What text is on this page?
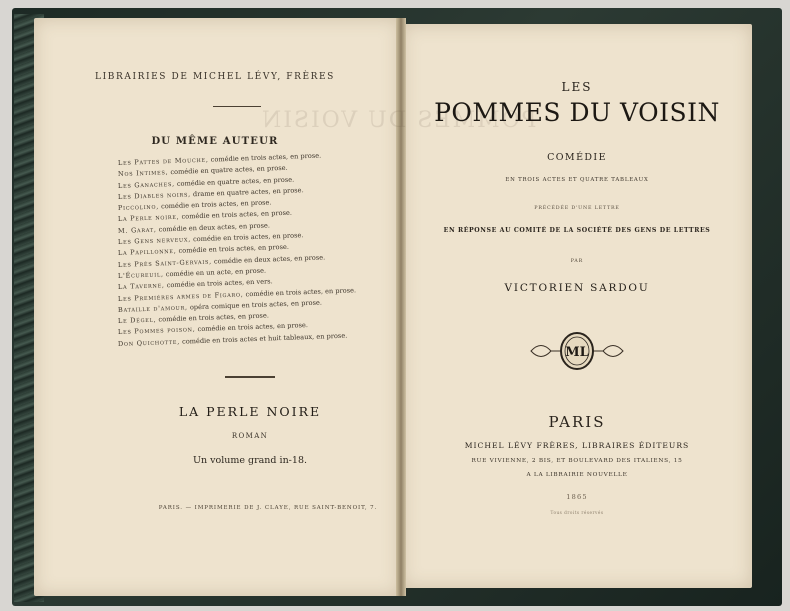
POMMES DU VOISIN
LIBRAIRIES DE MICHEL LÉVY, FRÈRES
DU MÊME AUTEUR
Les Pattes de Mouche, comédie en trois actes, en prose.
Nos Intimes, comédie en quatre actes, en prose.
Les Ganaches, comédie en quatre actes, en prose.
Les Diables noirs, drame en quatre actes, en prose.
Piccolino, comédie en trois actes, en prose.
La Perle noire, comédie en trois actes, en prose.
M. Garat, comédie en deux actes, en prose.
Les Gens nerveux, comédie en trois actes, en prose.
La Papillonne, comédie en trois actes, en prose.
Les Prés Saint-Gervais, comédie en deux actes, en prose.
L'Écureuil, comédie en un acte, en prose.
La Taverne, comédie en trois actes, en vers.
Les Premières armes de Figaro, comédie en trois actes, en prose.
Bataille d'amour, opéra comique en trois actes, en prose.
Le Dégel, comédie en trois actes, en prose.
Les Pommes poison, comédie en trois actes, en prose.
Don Quichotte, comédie en trois actes et huit tableaux, en prose.
LA PERLE NOIRE
ROMAN
Un volume grand in-18.
PARIS. — IMPRIMERIE DE J. CLAYE, RUE SAINT-BENOIT, 7.
LES
POMMES DU VOISIN
COMÉDIE
EN TROIS ACTES ET QUATRE TABLEAUX
PRÉCÉDÉE D'UNE LETTRE
EN RÉPONSE AU COMITÉ DE LA SOCIÉTÉ DES GENS DE LETTRES
PAR
VICTORIEN SARDOU
ML
PARIS
MICHEL LÉVY FRÈRES, LIBRAIRES ÉDITEURS
RUE VIVIENNE, 2 BIS, ET BOULEVARD DES ITALIENS, 15
A LA LIBRAIRIE NOUVELLE
1865
Tous droits réservés
